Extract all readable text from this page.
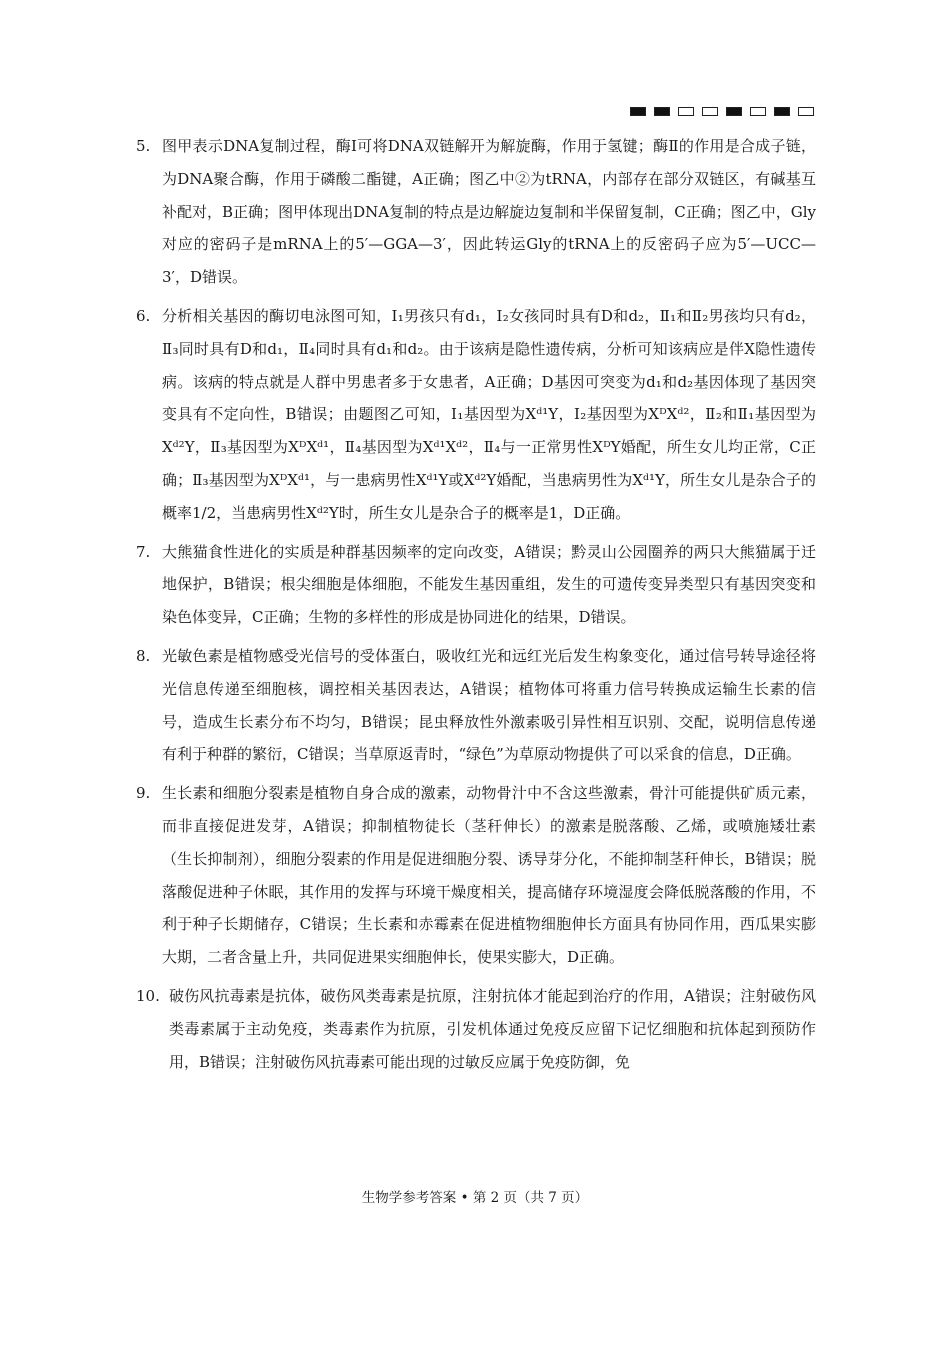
5. 图甲表示DNA复制过程，酶Ⅰ可将DNA双链解开为解旋酶，作用于氢键；酶Ⅱ的作用是合成子链，为DNA聚合酶，作用于磷酸二酯键，A正确；图乙中②为tRNA，内部存在部分双链区，有碱基互补配对，B正确；图甲体现出DNA复制的特点是边解旋边复制和半保留复制，C正确；图乙中，Gly对应的密码子是mRNA上的5′—GGA—3′，因此转运Gly的tRNA上的反密码子应为5′—UCC—3′，D错误。
6. 分析相关基因的酶切电泳图可知，Ⅰ₁男孩只有d₁，Ⅰ₂女孩同时具有D和d₂，Ⅱ₁和Ⅱ₂男孩均只有d₂，Ⅱ₃同时具有D和d₁，Ⅱ₄同时具有d₁和d₂。由于该病是隐性遗传病，分析可知该病应是伴X隐性遗传病。该病的特点就是人群中男患者多于女患者，A正确；D基因可突变为d₁和d₂基因体现了基因突变具有不定向性，B错误；由题图乙可知，Ⅰ₁基因型为Xᵈ¹Y，Ⅰ₂基因型为XᴰXᵈ²，Ⅱ₂和Ⅱ₁基因型为Xᵈ²Y，Ⅱ₃基因型为XᴰXᵈ¹，Ⅱ₄基因型为Xᵈ¹Xᵈ²，Ⅱ₄与一正常男性XᴰY婚配，所生女儿均正常，C正确；Ⅱ₃基因型为XᴰXᵈ¹，与一患病男性Xᵈ¹Y或Xᵈ²Y婚配，当患病男性为Xᵈ¹Y，所生女儿是杂合子的概率1/2，当患病男性Xᵈ²Y时，所生女儿是杂合子的概率是1，D正确。
7. 大熊猫食性进化的实质是种群基因频率的定向改变，A错误；黔灵山公园圈养的两只大熊猫属于迁地保护，B错误；根尖细胞是体细胞，不能发生基因重组，发生的可遗传变异类型只有基因突变和染色体变异，C正确；生物的多样性的形成是协同进化的结果，D错误。
8. 光敏色素是植物感受光信号的受体蛋白，吸收红光和远红光后发生构象变化，通过信号转导途径将光信息传递至细胞核，调控相关基因表达，A错误；植物体可将重力信号转换成运输生长素的信号，造成生长素分布不均匀，B错误；昆虫释放性外激素吸引异性相互识别、交配，说明信息传递有利于种群的繁衍，C错误；当草原返青时，“绿色”为草原动物提供了可以采食的信息，D正确。
9. 生长素和细胞分裂素是植物自身合成的激素，动物骨汁中不含这些激素，骨汁可能提供矿质元素，而非直接促进发芽，A错误；抑制植物徒长（茎秆伸长）的激素是脱落酸、乙烯，或喷施矮壮素（生长抑制剂），细胞分裂素的作用是促进细胞分裂、诱导芽分化，不能抑制茎秆伸长，B错误；脱落酸促进种子休眠，其作用的发挥与环境干燥度相关，提高储存环境湿度会降低脱落酸的作用，不利于种子长期储存，C错误；生长素和赤霉素在促进植物细胞伸长方面具有协同作用，西瓜果实膨大期，二者含量上升，共同促进果实细胞伸长，使果实膨大，D正确。
10. 破伤风抗毒素是抗体，破伤风类毒素是抗原，注射抗体才能起到治疗的作用，A错误；注射破伤风类毒素属于主动免疫，类毒素作为抗原，引发机体通过免疫反应留下记忆细胞和抗体起到预防作用，B错误；注射破伤风抗毒素可能出现的过敏反应属于免疫防御，免
生物学参考答案 • 第 2 页（共 7 页）
